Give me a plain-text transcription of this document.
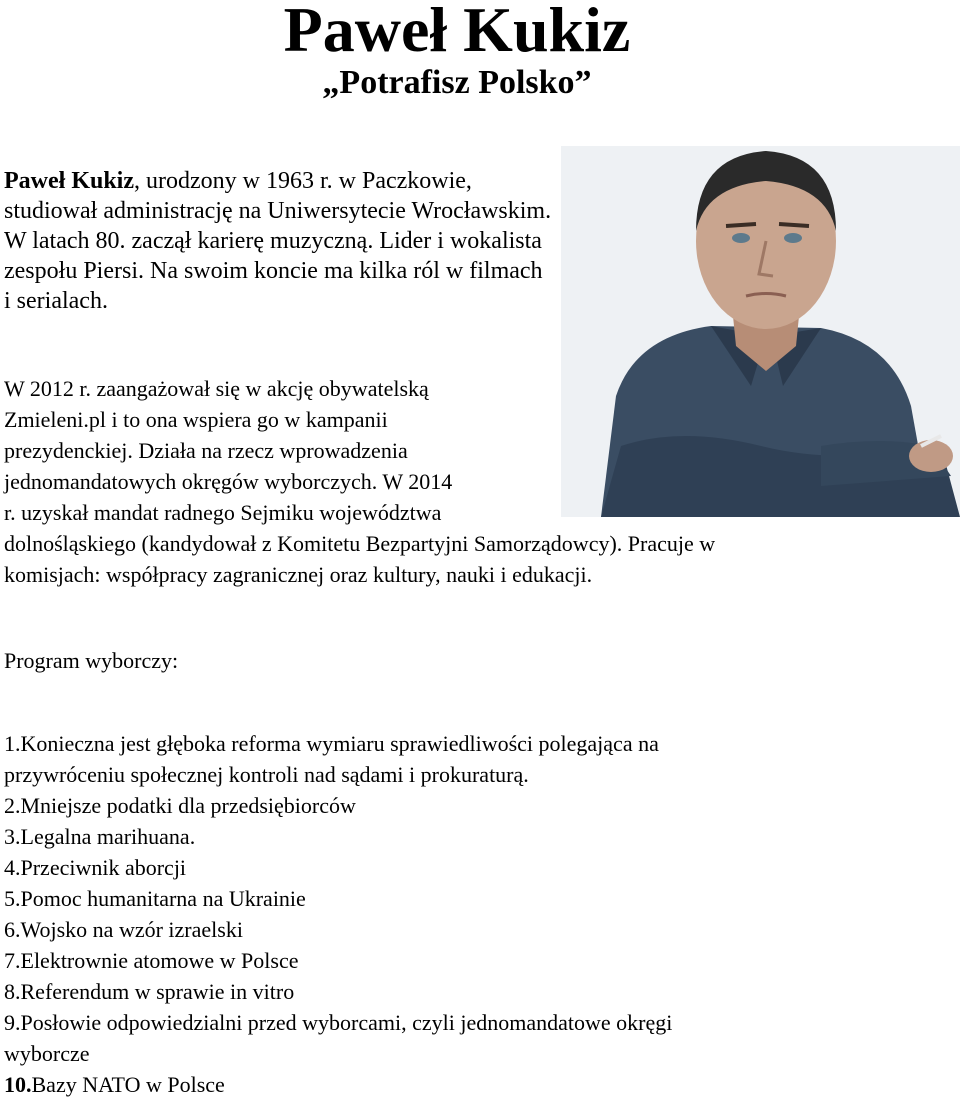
Paweł Kukiz
„Potrafisz Polsko”
Paweł Kukiz, urodzony w 1963 r. w Paczkowie, studiował administrację na Uniwersytecie Wrocławskim. W latach 80. zaczął karierę muzyczną. Lider i wokalista zespołu Piersi. Na swoim koncie ma kilka ról w filmach i serialach.
W 2012 r. zaangażował się w akcję obywatelską
Zmieleni.pl i to ona wspiera go w kampanii
prezydenckiej. Działa na rzecz wprowadzenia
jednomandatowych okręgów wyborczych. W 2014
r. uzyskał mandat radnego Sejmiku województwa
dolnośląskiego (kandydował z Komitetu Bezpartyjni Samorządowcy). Pracuje w
komisjach: współpracy zagranicznej oraz kultury, nauki i edukacji.
Program wyborczy:
1.Konieczna jest głęboka reforma wymiaru sprawiedliwości polegająca na
przywróceniu społecznej kontroli nad sądami i prokuraturą.
2.Mniejsze podatki dla przedsiębiorców
3.Legalna marihuana.
4.Przeciwnik aborcji
5.Pomoc humanitarna na Ukrainie
6.Wojsko na wzór izraelski
7.Elektrownie atomowe w Polsce
8.Referendum w sprawie in vitro
9.Posłowie odpowiedzialni przed wyborcami, czyli jednomandatowe okręgi
wyborcze
10.Bazy NATO w Polsce
